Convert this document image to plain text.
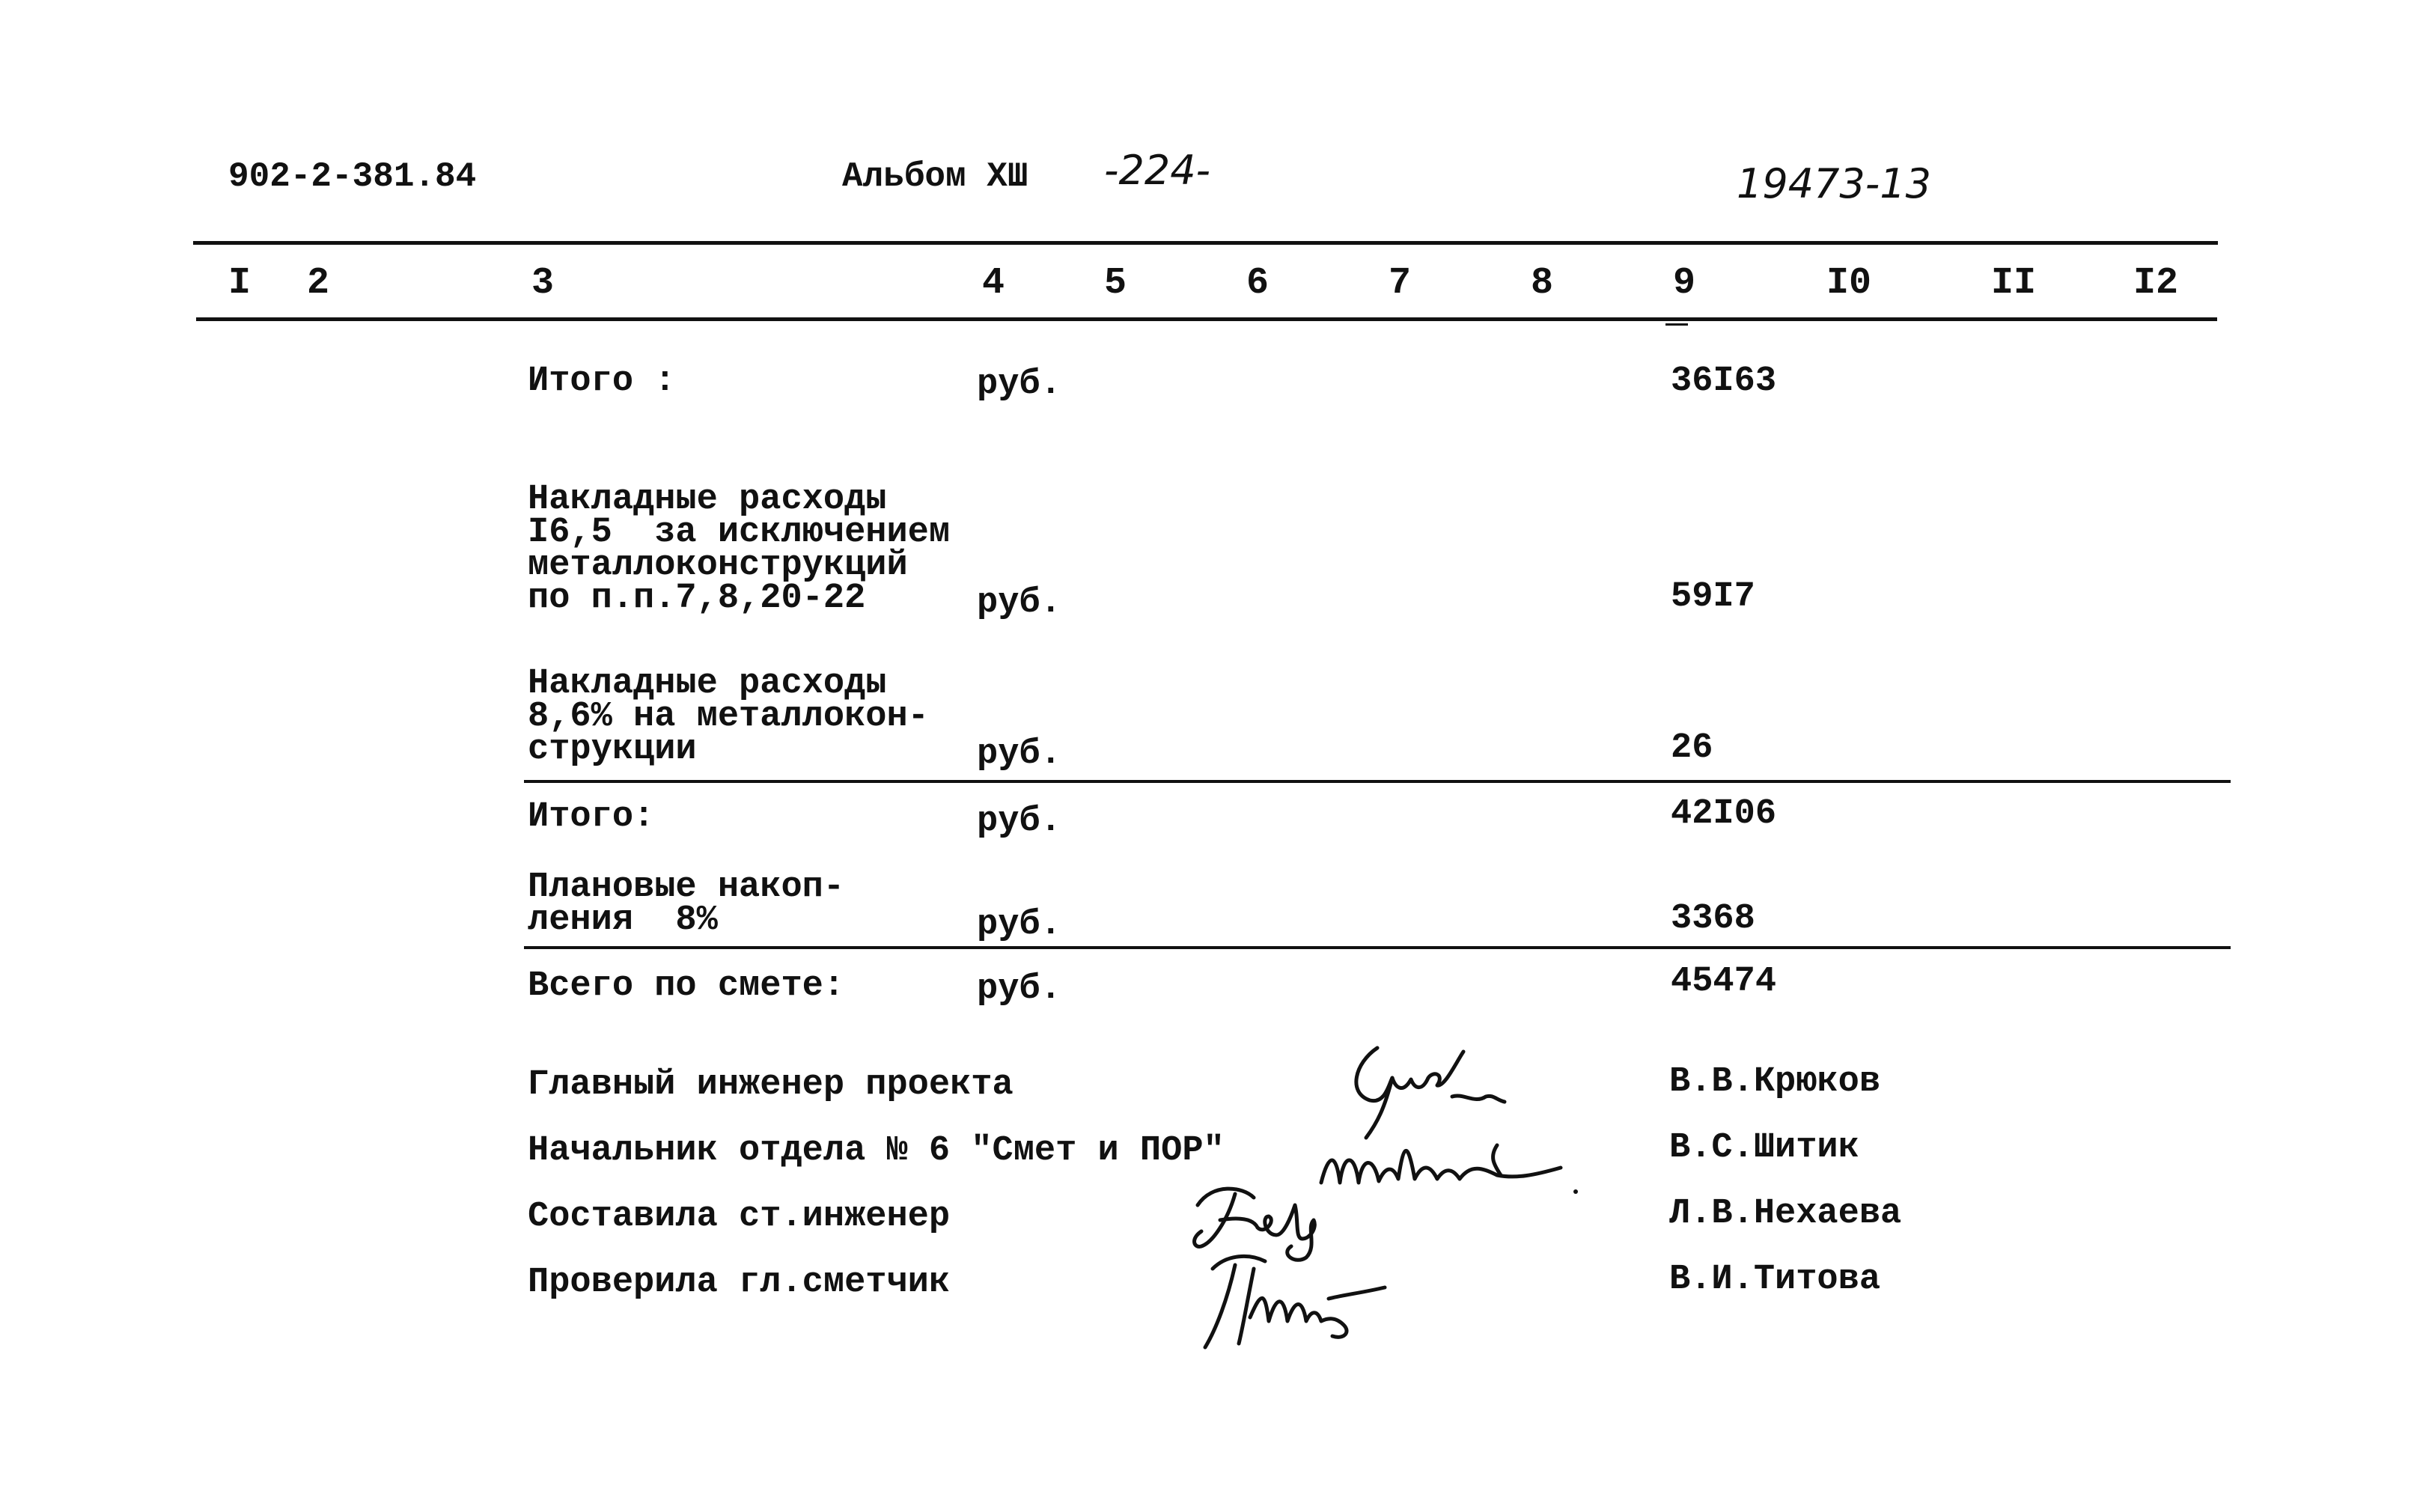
902-2-381.84	Альбом ХШ -224-	19473-13
I 2	3	4	5	6	7	8	9	I0	II	I2
Итого :	руб.	36I63
Накладные расходы
I6,5  за исключением
металлоконструкций
по п.п.7,8,20-22	руб.	59I7
Накладные расходы
8,6% на металлокон-
струкции	руб.	26
Итого:	руб.	42I06
Плановые накоп-
ления  8%	руб.	3368
Всего по смете:	руб.	45474
Главный инженер проекта	В.В.Крюков
Начальник отдела № 6 "Смет и ПОР"	В.С.Шитик
Составила ст.инженер	Л.В.Нехаева
Проверила гл.сметчик	В.И.Титова
